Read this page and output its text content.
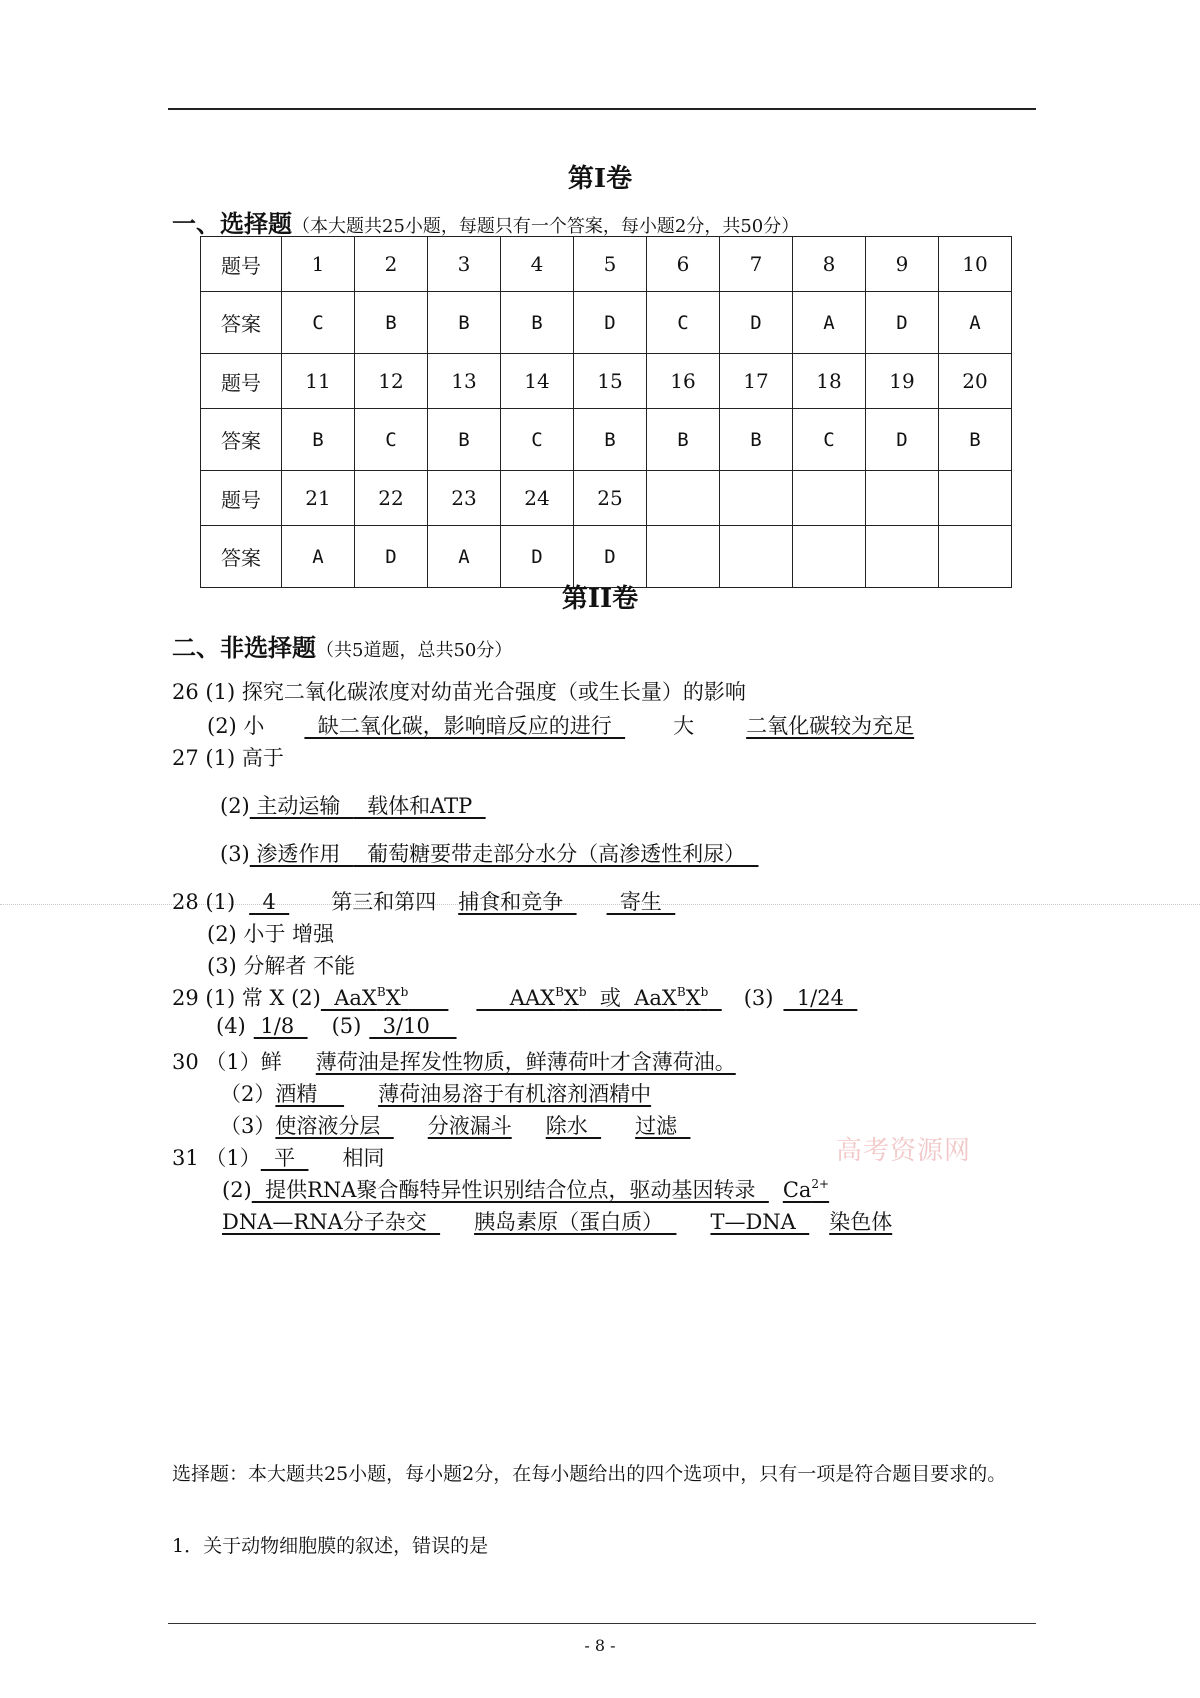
第Ⅰ卷
一、选择题（本大题共25小题，每题只有一个答案，每小题2分，共50分）
题号	1	2	3	4	5	6	7	8	9	10
答案	C	B	B	B	D	C	D	A	D	A
题号	11	12	13	14	15	16	17	18	19	20
答案	B	C	B	C	B	B	B	C	D	B
题号	21	22	23	24	25					
答案	A	D	A	D	D					
第II卷
二、非选择题（共5道题，总共50分）
26 (1) 探究二氧化碳浓度对幼苗光合强度（或生长量）的影响
(2) 小  缺二氧化碳，影响暗反应的进行  大 二氧化碳较为充足
27 (1) 高于
(2) 主动运输    载体和ATP
(3) 渗透作用    葡萄糖要带走部分水分（高渗透性利尿）
28 (1)  4  第三和第四 捕食和竞争    寄生
(2) 小于 增强
(3) 分解者 不能
29 (1) 常 X (2)  $AaX^BX^b$	$AAX^BX^b$  或  $AaX^BX^b$ (3)  1/24
(4) 1/8  (5)  3/10
30 （1）鲜 薄荷油是挥发性物质，鲜薄荷叶才含薄荷油。
（2）酒精    薄荷油易溶于有机溶剂酒精中
（3）使溶液分层  分液漏斗 除水  过滤
31 （1）  平  相同	高考资源网
(2)  提供RNA聚合酶特异性识别结合位点，驱动基因转录  $Ca^{2+}$
DNA—RNA分子杂交  胰岛素原（蛋白质）  T—DNA  染色体
选择题：本大题共25小题，每小题2分，在每小题给出的四个选项中，只有一项是符合题目要求的。
1．关于动物细胞膜的叙述，错误的是
- 8 -
